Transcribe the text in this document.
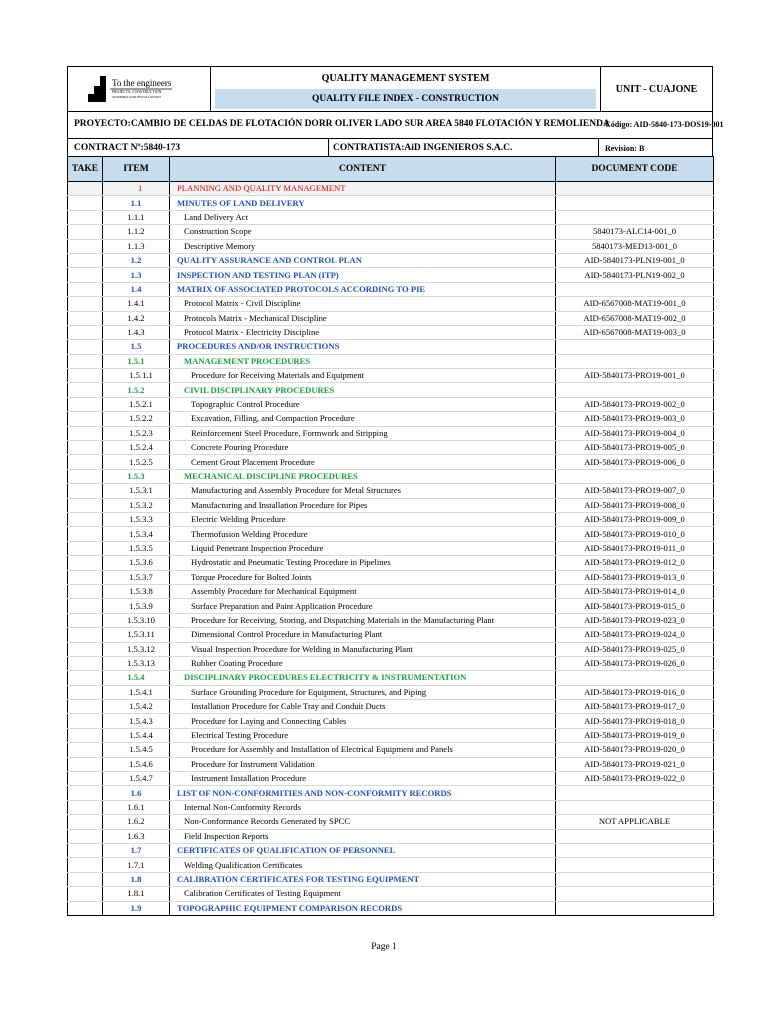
To the engineers
PROJECTS, CONSTRUCTION
ASSEMBLY AND INSTALLATIONS
QUALITY MANAGEMENT SYSTEM
QUALITY FILE INDEX - CONSTRUCTION
UNIT - CUAJONE
PROYECTO:CAMBIO DE CELDAS DE FLOTACIÓN DORR OLIVER LADO SUR AREA 5840 FLOTACIÓN Y REMOLIENDA
Código: AID-5840-173-DOS19-001
CONTRACT Nº:5840-173	CONTRATISTA:AiD INGENIEROS S.A.C.	Revision: B
TAKE	ITEM	CONTENT	DOCUMENT CODE
	1	PLANNING AND QUALITY MANAGEMENT	
	1.1	MINUTES OF LAND DELIVERY	
	1.1.1	Land Delivery Act	
	1.1.2	Construction Scope	5840173-ALC14-001_0
	1.1.3	Descriptive Memory	5840173-MED13-001_0
	1.2	QUALITY ASSURANCE AND CONTROL PLAN	AID-5840173-PLN19-001_0
	1.3	INSPECTION AND TESTING PLAN (ITP)	AID-5840173-PLN19-002_0
	1.4	MATRIX OF ASSOCIATED PROTOCOLS ACCORDING TO PIE	
	1.4.1	Protocol Matrix - Civil Discipline	AID-6567008-MAT19-001_0
	1.4.2	Protocols Matrix - Mechanical Discipline	AID-6567008-MAT19-002_0
	1.4.3	Protocol Matrix - Electricity Discipline	AID-6567008-MAT19-003_0
	1.5	PROCEDURES AND/OR INSTRUCTIONS	
	1.5.1	MANAGEMENT PROCEDURES	
	1.5.1.1	Procedure for Receiving Materials and Equipment	AID-5840173-PRO19-001_0
	1.5.2	CIVIL DISCIPLINARY PROCEDURES	
	1.5.2.1	Topographic Control Procedure	AID-5840173-PRO19-002_0
	1.5.2.2	Excavation, Filling, and Compaction Procedure	AID-5840173-PRO19-003_0
	1.5.2.3	Reinforcement Steel Procedure, Formwork and Stripping	AID-5840173-PRO19-004_0
	1.5.2.4	Concrete Pouring Procedure	AID-5840173-PRO19-005_0
	1.5.2.5	Cement Grout Placement Procedure	AID-5840173-PRO19-006_0
	1.5.3	MECHANICAL DISCIPLINE PROCEDURES	
	1.5.3.1	Manufacturing and Assembly Procedure for Metal Structures	AID-5840173-PRO19-007_0
	1.5.3.2	Manufacturing and Installation Procedure for Pipes	AID-5840173-PRO19-008_0
	1.5.3.3	Electric Welding Procedure	AID-5840173-PRO19-009_0
	1.5.3.4	Thermofusion Welding Procedure	AID-5840173-PRO19-010_0
	1.5.3.5	Liquid Penetrant Inspection Procedure	AID-5840173-PRO19-011_0
	1.5.3.6	Hydrostatic and Pneumatic Testing Procedure in Pipelines	AID-5840173-PRO19-012_0
	1.5.3.7	Torque Procedure for Bolted Joints	AID-5840173-PRO19-013_0
	1.5.3.8	Assembly Procedure for Mechanical Equipment	AID-5840173-PRO19-014_0
	1.5.3.9	Surface Preparation and Paint Application Procedure	AID-5840173-PRO19-015_0
	1.5.3.10	Procedure for Receiving, Storing, and Dispatching Materials in the Manufacturing Plant	AID-5840173-PRO19-023_0
	1.5.3.11	Dimensional Control Procedure in Manufacturing Plant	AID-5840173-PRO19-024_0
	1.5.3.12	Visual Inspection Procedure for Welding in Manufacturing Plant	AID-5840173-PRO19-025_0
	1.5.3.13	Rubber Coating Procedure	AID-5840173-PRO19-026_0
	1.5.4	DISCIPLINARY PROCEDURES ELECTRICITY & INSTRUMENTATION	
	1.5.4.1	Surface Grounding Procedure for Equipment, Structures, and Piping	AID-5840173-PRO19-016_0
	1.5.4.2	Installation Procedure for Cable Tray and Conduit Ducts	AID-5840173-PRO19-017_0
	1.5.4.3	Procedure for Laying and Connecting Cables	AID-5840173-PRO19-018_0
	1.5.4.4	Electrical Testing Procedure	AID-5840173-PRO19-019_0
	1.5.4.5	Procedure for Assembly and Installation of Electrical Equipment and Panels	AID-5840173-PRO19-020_0
	1.5.4.6	Procedure for Instrument Validation	AID-5840173-PRO19-021_0
	1.5.4.7	Instrument Installation Procedure	AID-5840173-PRO19-022_0
	1.6	LIST OF NON-CONFORMITIES AND NON-CONFORMITY RECORDS	
	1.6.1	Internal Non-Conformity Records	
	1.6.2	Non-Conformance Records Generated by SPCC	NOT APPLICABLE
	1.6.3	Field Inspection Reports	
	1.7	CERTIFICATES OF QUALIFICATION OF PERSONNEL	
	1.7.1	Welding Qualification Certificates	
	1.8	CALIBRATION CERTIFICATES FOR TESTING EQUIPMENT	
	1.8.1	Calibration Certificates of Testing Equipment	
	1.9	TOPOGRAPHIC EQUIPMENT COMPARISON RECORDS	
Page 1
